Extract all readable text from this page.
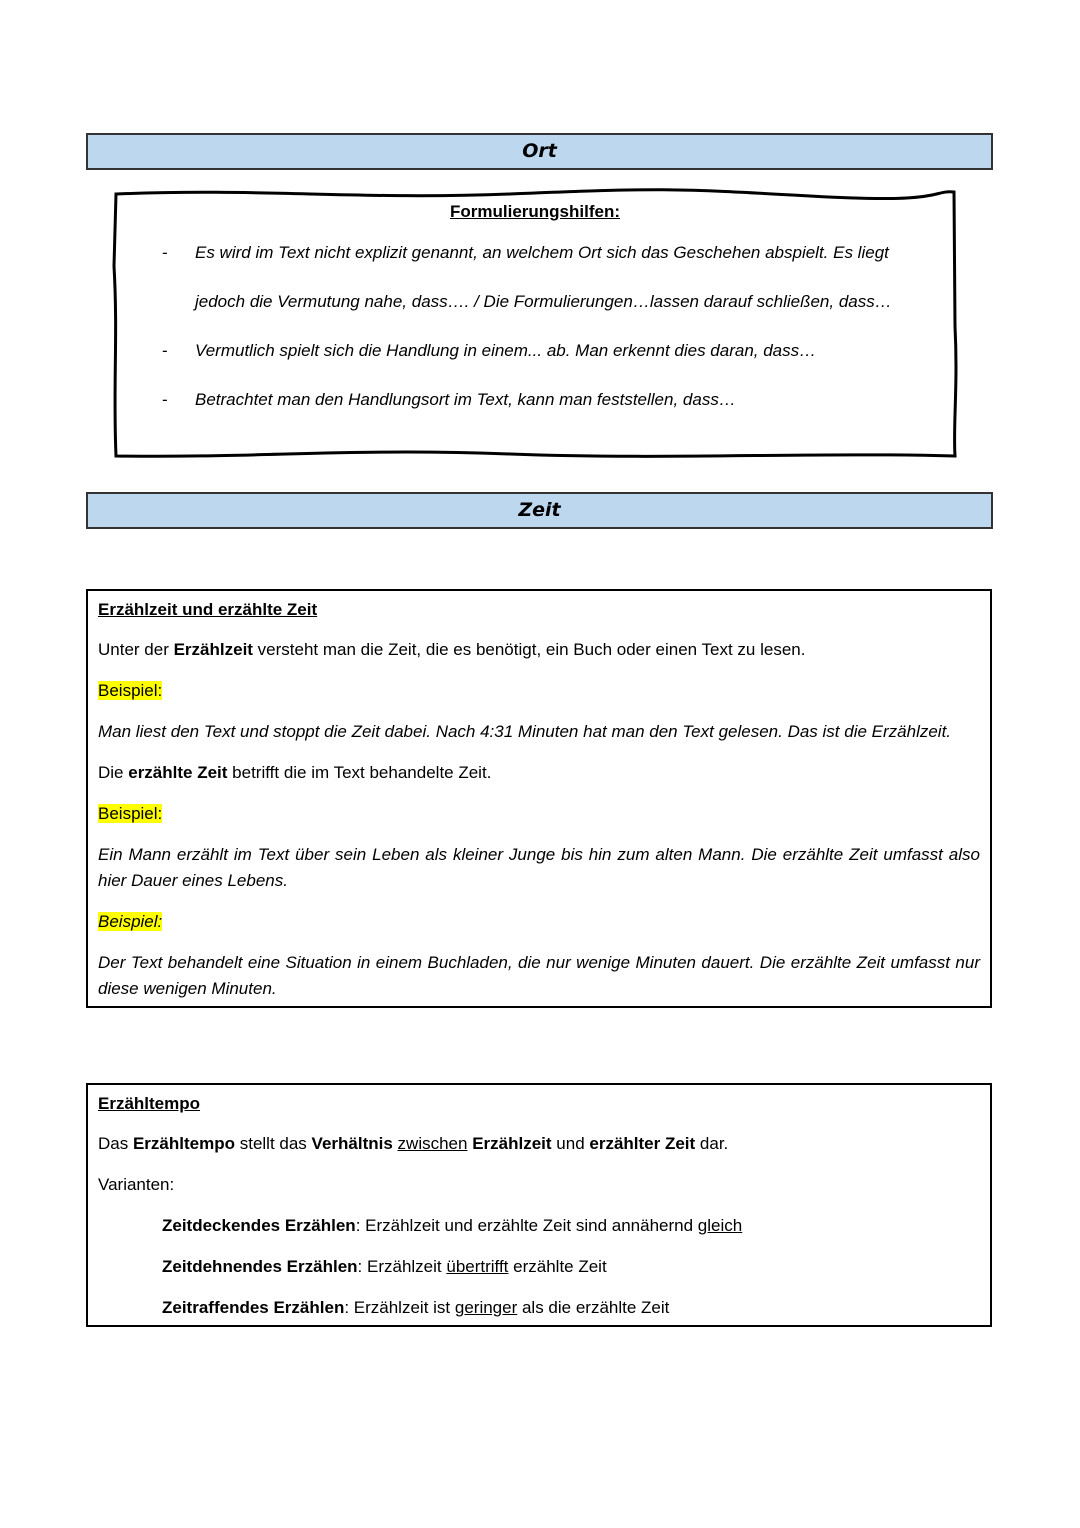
Ort
Formulierungshilfen:
- Es wird im Text nicht explizit genannt, an welchem Ort sich das Geschehen abspielt. Es liegt
jedoch die Vermutung nahe, dass…. / Die Formulierungen…lassen darauf schließen, dass…
- Vermutlich spielt sich die Handlung in einem... ab. Man erkennt dies daran, dass…
- Betrachtet man den Handlungsort im Text, kann man feststellen, dass…
Zeit

Erzählzeit und erzählte Zeit

Unter der Erzählzeit versteht man die Zeit, die es benötigt, ein Buch oder einen Text zu lesen.

Beispiel:

Man liest den Text und stoppt die Zeit dabei. Nach 4:31 Minuten hat man den Text gelesen. Das ist die Erzählzeit.

Die erzählte Zeit betrifft die im Text behandelte Zeit.

Beispiel:

Ein Mann erzählt im Text über sein Leben als kleiner Junge bis hin zum alten Mann. Die erzählte Zeit umfasst also hier Dauer eines Lebens.

Beispiel:

Der Text behandelt eine Situation in einem Buchladen, die nur wenige Minuten dauert. Die erzählte Zeit umfasst nur diese wenigen Minuten.

Erzähltempo

Das Erzähltempo stellt das Verhältnis zwischen Erzählzeit und erzählter Zeit dar.

Varianten:

Zeitdeckendes Erzählen: Erzählzeit und erzählte Zeit sind annähernd gleich

Zeitdehnendes Erzählen: Erzählzeit übertrifft erzählte Zeit

Zeitraffendes Erzählen: Erzählzeit ist geringer als die erzählte Zeit
